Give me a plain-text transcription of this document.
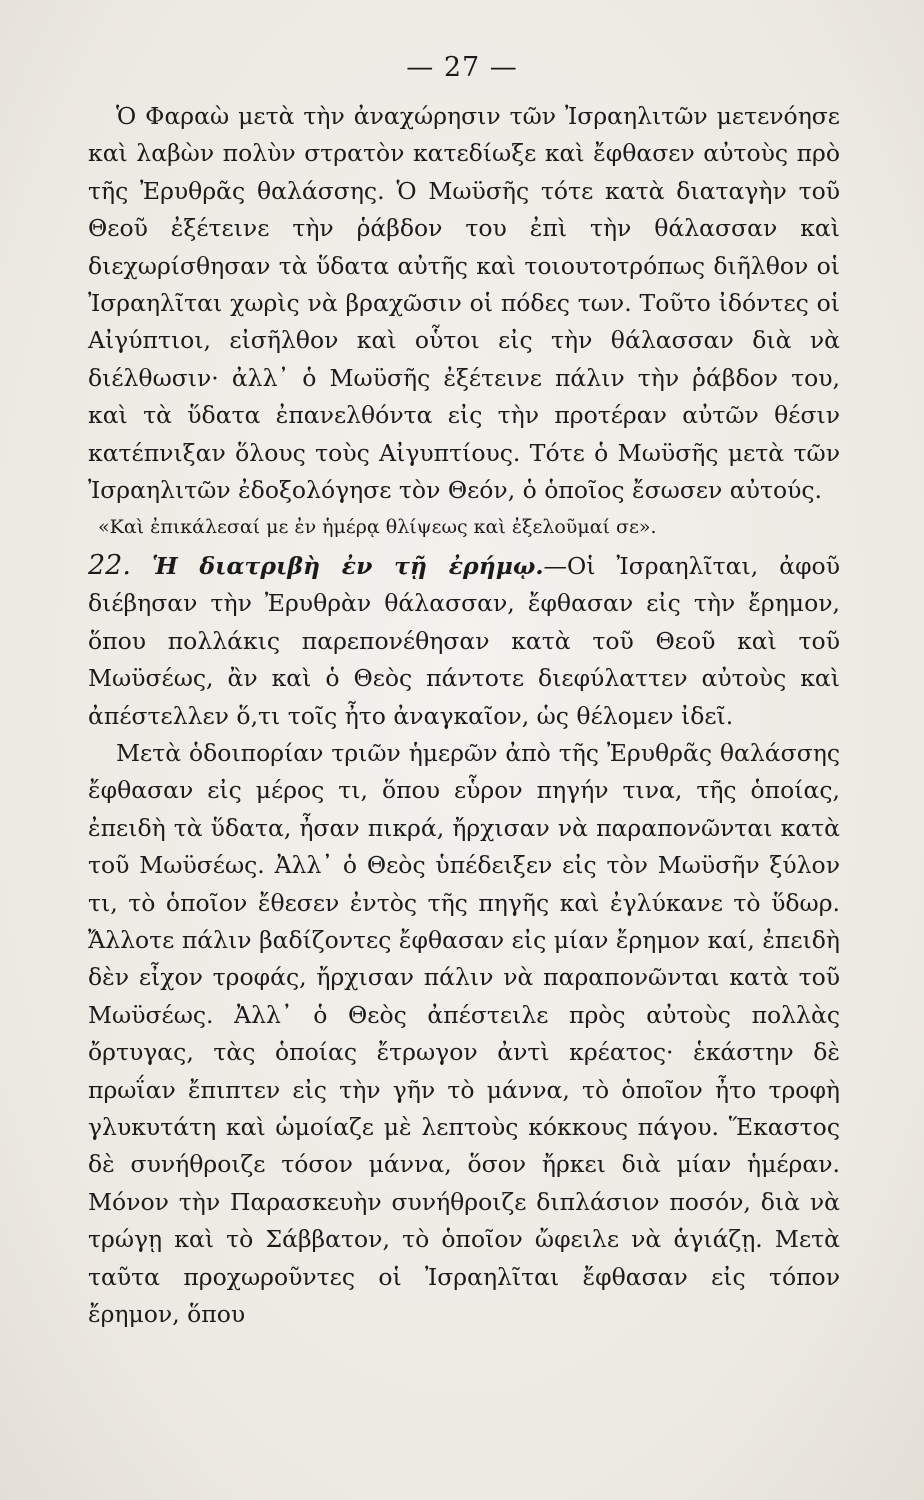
— 27 —

Ὁ Φαραὼ μετὰ τὴν ἀναχώρησιν τῶν Ἰσραηλιτῶν μετενόησε καὶ λαβὼν πολὺν στρατὸν κατεδίωξε καὶ ἔφθασεν αὐτοὺς πρὸ τῆς Ἐρυθρᾶς θαλάσσης. Ὁ Μωϋσῆς τότε κατὰ διαταγὴν τοῦ Θεοῦ ἐξέτεινε τὴν ῥάβδον του ἐπὶ τὴν θάλασσαν καὶ διεχωρίσθησαν τὰ ὕδατα αὐτῆς καὶ τοιουτοτρόπως διῆλθον οἱ Ἰσραηλῖται χωρὶς νὰ βραχῶσιν οἱ πόδες των. Τοῦτο ἰδόντες οἱ Αἰγύπτιοι, εἰσῆλθον καὶ οὗτοι εἰς τὴν θάλασσαν διὰ νὰ διέλθωσιν· ἀλλ᾽ ὁ Μωϋσῆς ἐξέτεινε πάλιν τὴν ῥάβδον του, καὶ τὰ ὕδατα ἐπανελθόντα εἰς τὴν προτέραν αὐτῶν θέσιν κατέπνιξαν ὅλους τοὺς Αἰγυπτίους. Τότε ὁ Μωϋσῆς μετὰ τῶν Ἰσραηλιτῶν ἐδοξολόγησε τὸν Θεόν, ὁ ὁποῖος ἔσωσεν αὐτούς.

«Καὶ ἐπικάλεσαί με ἐν ἡμέρᾳ θλίψεως καὶ ἐξελοῦμαί σε».

22. Ἡ διατριβὴ ἐν τῇ ἐρήμῳ.—Οἱ Ἰσραηλῖται, ἀφοῦ διέβησαν τὴν Ἐρυθρὰν θάλασσαν, ἔφθασαν εἰς τὴν ἔρημον, ὅπου πολλάκις παρεπονέθησαν κατὰ τοῦ Θεοῦ καὶ τοῦ Μωϋσέως, ἂν καὶ ὁ Θεὸς πάντοτε διεφύλαττεν αὐτοὺς καὶ ἀπέστελλεν ὅ,τι τοῖς ἦτο ἀναγκαῖον, ὡς θέλομεν ἰδεῖ.

Μετὰ ὁδοιπορίαν τριῶν ἡμερῶν ἀπὸ τῆς Ἐρυθρᾶς θαλάσσης ἔφθασαν εἰς μέρος τι, ὅπου εὗρον πηγήν τινα, τῆς ὁποίας, ἐπειδὴ τὰ ὕδατα, ἦσαν πικρά, ἤρχισαν νὰ παραπονῶνται κατὰ τοῦ Μωϋσέως. Ἀλλ᾽ ὁ Θεὸς ὑπέδειξεν εἰς τὸν Μωϋσῆν ξύλον τι, τὸ ὁποῖον ἔθεσεν ἐντὸς τῆς πηγῆς καὶ ἐγλύκανε τὸ ὕδωρ. Ἄλλοτε πάλιν βαδίζοντες ἔφθασαν εἰς μίαν ἔρημον καί, ἐπειδὴ δὲν εἶχον τροφάς, ἤρχισαν πάλιν νὰ παραπονῶνται κατὰ τοῦ Μωϋσέως. Ἀλλ᾽ ὁ Θεὸς ἀπέστειλε πρὸς αὐτοὺς πολλὰς ὄρτυγας, τὰς ὁποίας ἔτρωγον ἀντὶ κρέατος· ἑκάστην δὲ πρωΐαν ἔπιπτεν εἰς τὴν γῆν τὸ μάννα, τὸ ὁποῖον ἦτο τροφὴ γλυκυτάτη καὶ ὡμοίαζε μὲ λεπτοὺς κόκκους πάγου. Ἕκαστος δὲ συνήθροιζε τόσον μάννα, ὅσον ἤρκει διὰ μίαν ἡμέραν. Μόνον τὴν Παρασκευὴν συνήθροιζε διπλάσιον ποσόν, διὰ νὰ τρώγῃ καὶ τὸ Σάββατον, τὸ ὁποῖον ὤφειλε νὰ ἁγιάζῃ. Μετὰ ταῦτα προχωροῦντες οἱ Ἰσραηλῖται ἔφθασαν εἰς τόπον ἔρημον, ὅπου
